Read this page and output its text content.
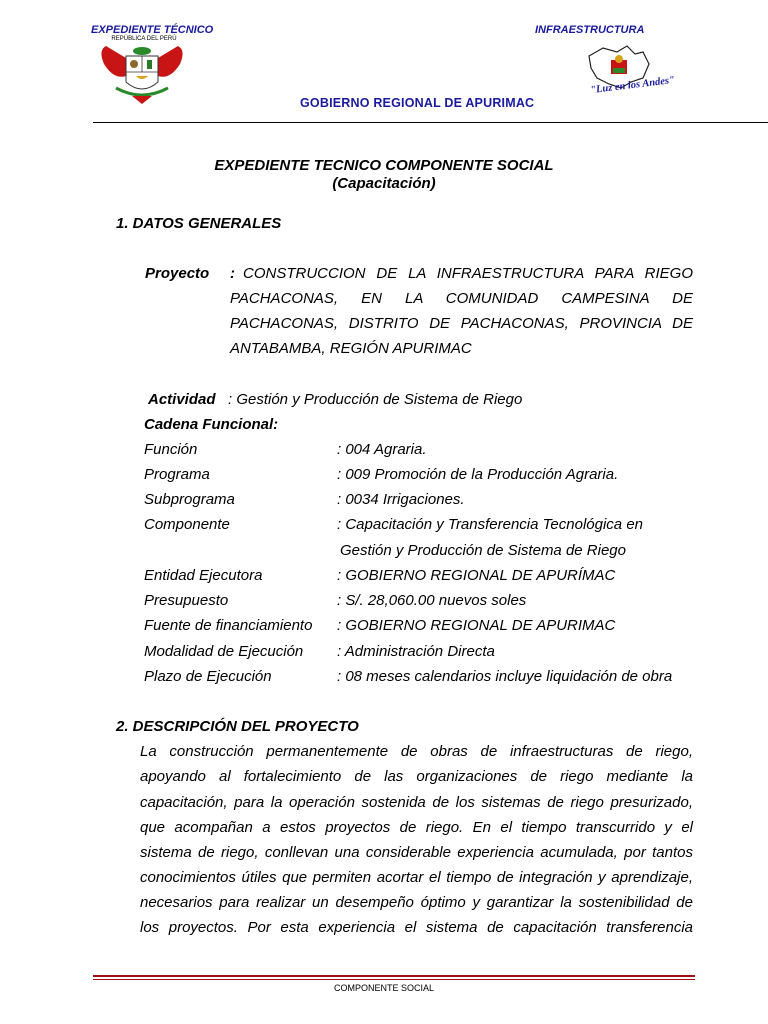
EXPEDIENTE TÉCNICO	INFRAESTRUCTURA
REPÚBLICA DEL PERÚ
"Luz en los Andes"
GOBIERNO REGIONAL DE APURIMAC
EXPEDIENTE TECNICO COMPONENTE SOCIAL
(Capacitación)
1. DATOS GENERALES
Proyecto : CONSTRUCCION DE LA INFRAESTRUCTURA PARA RIEGO
PACHACONAS, EN LA COMUNIDAD CAMPESINA DE
PACHACONAS, DISTRITO DE PACHACONAS, PROVINCIA DE
ANTABAMBA, REGIÓN APURIMAC
Actividad : Gestión y Producción de Sistema de Riego
Cadena Funcional:
Función	: 004 Agraria.
Programa	: 009 Promoción de la Producción Agraria.
Subprograma	: 0034 Irrigaciones.
Componente	: Capacitación y Transferencia Tecnológica en
Gestión y Producción de Sistema de Riego
Entidad Ejecutora	: GOBIERNO REGIONAL DE APURÍMAC
Presupuesto	: S/. 28,060.00 nuevos soles
Fuente de financiamiento : GOBIERNO REGIONAL DE APURIMAC
Modalidad de Ejecución : Administración Directa
Plazo de Ejecución	: 08 meses calendarios incluye liquidación de obra
2. DESCRIPCIÓN DEL PROYECTO
La construcción permanentemente de obras de infraestructuras de riego,
apoyando al fortalecimiento de las organizaciones de riego mediante la
capacitación, para la operación sostenida de los sistemas de riego presurizado,
que acompañan a estos proyectos de riego. En el tiempo transcurrido y el
sistema de riego, conllevan una considerable experiencia acumulada, por tantos
conocimientos útiles que permiten acortar el tiempo de integración y aprendizaje,
necesarios para realizar un desempeño óptimo y garantizar la sostenibilidad de
los proyectos. Por esta experiencia el sistema de capacitación transferencia
COMPONENTE SOCIAL
